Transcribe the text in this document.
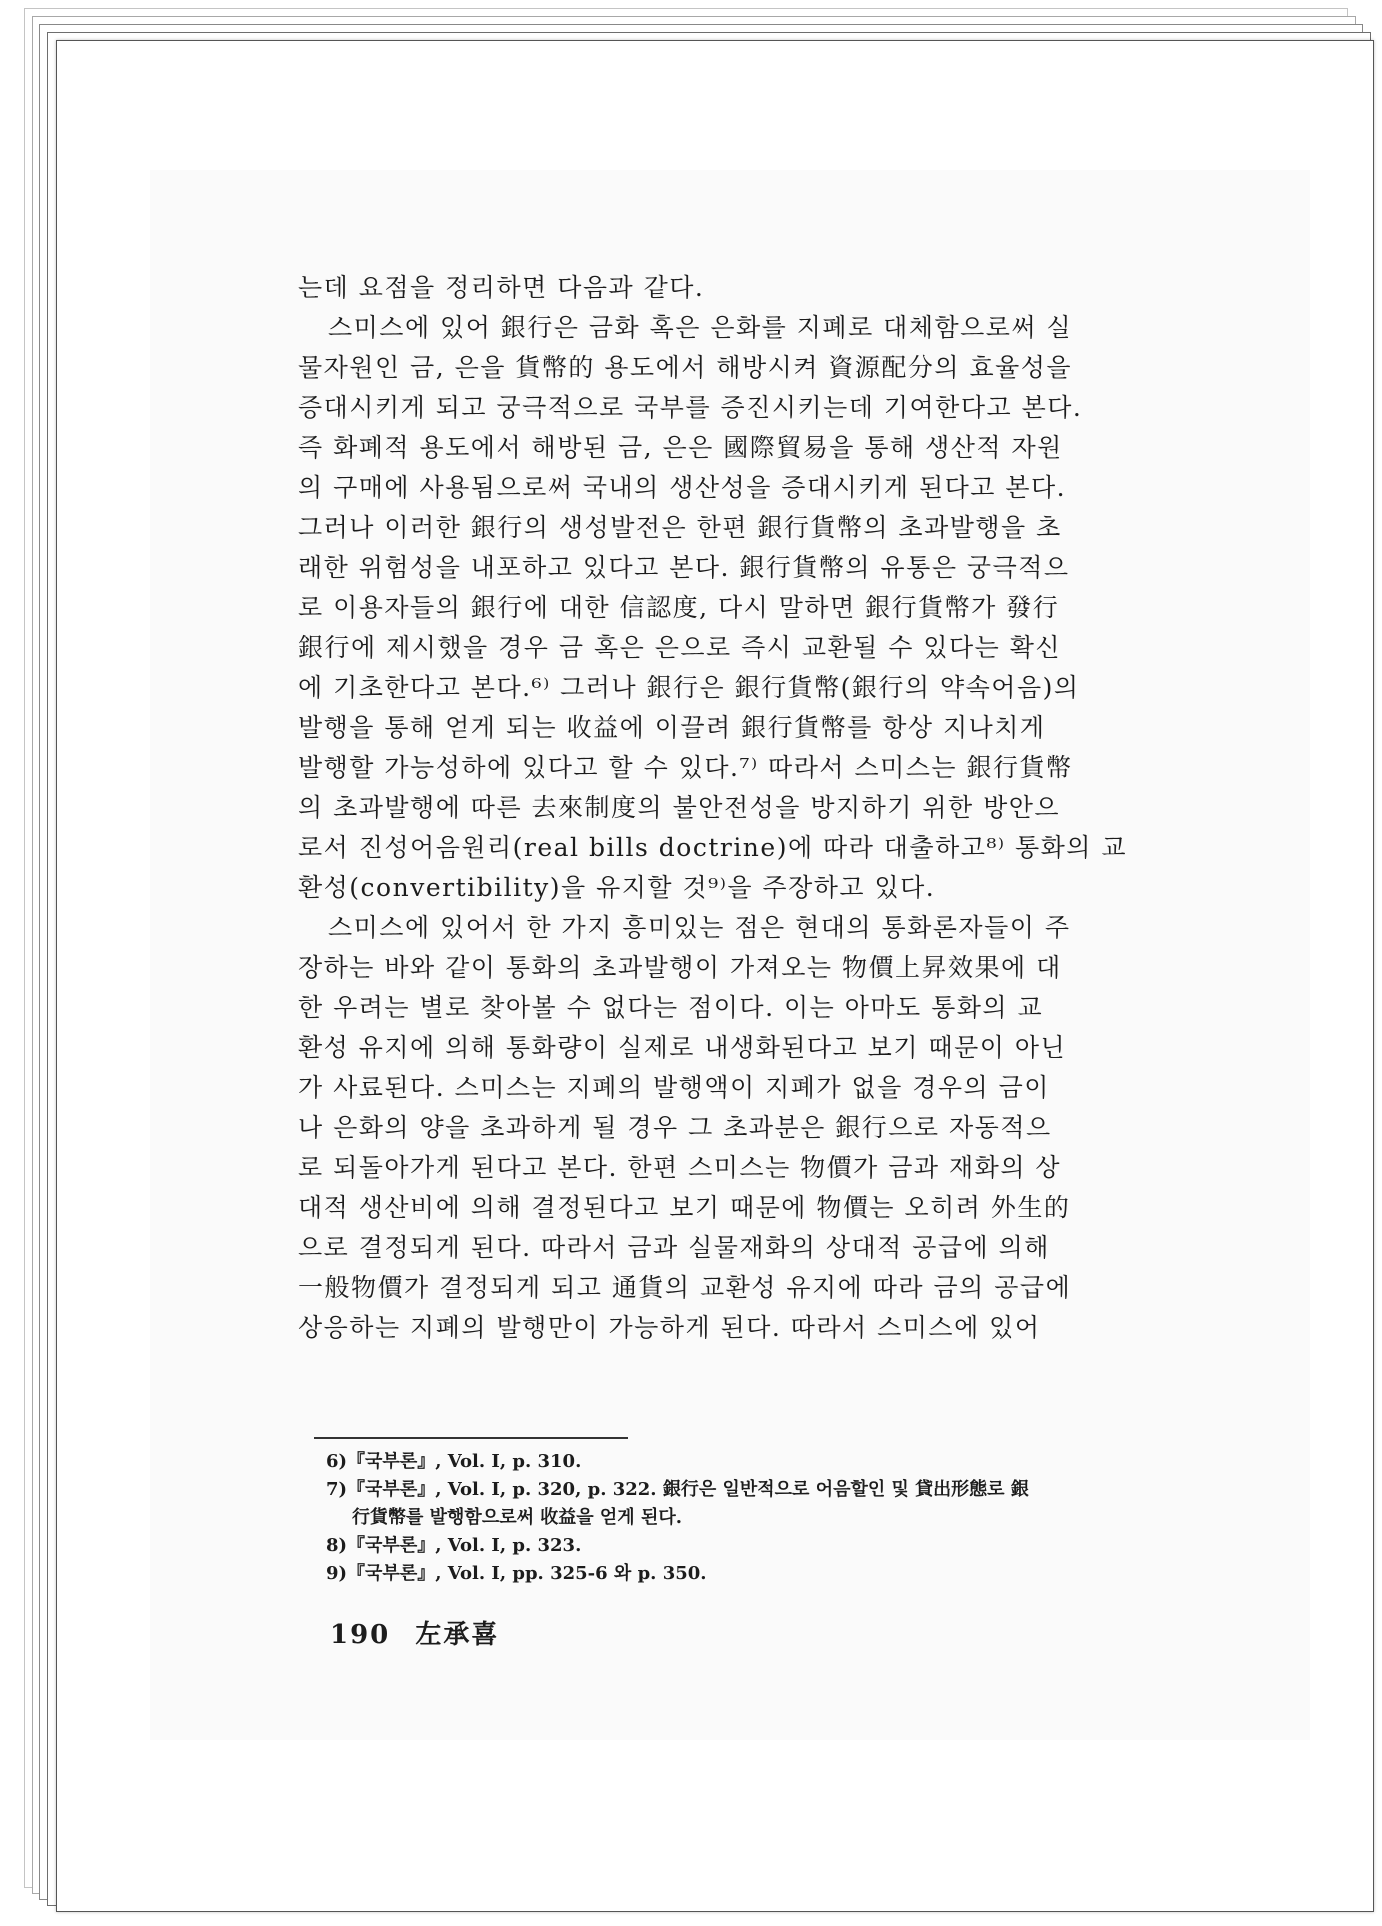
는데 요점을 정리하면 다음과 같다.
스미스에 있어 銀行은 금화 혹은 은화를 지폐로 대체함으로써 실
물자원인 금, 은을 貨幣的 용도에서 해방시켜 資源配分의 효율성을
증대시키게 되고 궁극적으로 국부를 증진시키는데 기여한다고 본다.
즉 화폐적 용도에서 해방된 금, 은은 國際貿易을 통해 생산적 자원
의 구매에 사용됨으로써 국내의 생산성을 증대시키게 된다고 본다.
그러나 이러한 銀行의 생성발전은 한편 銀行貨幣의 초과발행을 초
래한 위험성을 내포하고 있다고 본다. 銀行貨幣의 유통은 궁극적으
로 이용자들의 銀行에 대한 信認度, 다시 말하면 銀行貨幣가 發行
銀行에 제시했을 경우 금 혹은 은으로 즉시 교환될 수 있다는 확신
에 기초한다고 본다.⁶⁾ 그러나 銀行은 銀行貨幣(銀行의 약속어음)의
발행을 통해 얻게 되는 收益에 이끌려 銀行貨幣를 항상 지나치게
발행할 가능성하에 있다고 할 수 있다.⁷⁾ 따라서 스미스는 銀行貨幣
의 초과발행에 따른 去來制度의 불안전성을 방지하기 위한 방안으
로서 진성어음원리(real bills doctrine)에 따라 대출하고⁸⁾ 통화의 교
환성(convertibility)을 유지할 것⁹⁾을 주장하고 있다.
스미스에 있어서 한 가지 흥미있는 점은 현대의 통화론자들이 주
장하는 바와 같이 통화의 초과발행이 가져오는 物價上昇效果에 대
한 우려는 별로 찾아볼 수 없다는 점이다. 이는 아마도 통화의 교
환성 유지에 의해 통화량이 실제로 내생화된다고 보기 때문이 아닌
가 사료된다. 스미스는 지폐의 발행액이 지폐가 없을 경우의 금이
나 은화의 양을 초과하게 될 경우 그 초과분은 銀行으로 자동적으
로 되돌아가게 된다고 본다. 한편 스미스는 物價가 금과 재화의 상
대적 생산비에 의해 결정된다고 보기 때문에 物價는 오히려 外生的
으로 결정되게 된다. 따라서 금과 실물재화의 상대적 공급에 의해
一般物價가 결정되게 되고 通貨의 교환성 유지에 따라 금의 공급에
상응하는 지폐의 발행만이 가능하게 된다. 따라서 스미스에 있어
6)『국부론』, Vol. I, p. 310.
7)『국부론』, Vol. I, p. 320, p. 322. 銀行은 일반적으로 어음할인 및 貸出形態로 銀
行貨幣를 발행함으로써 收益을 얻게 된다.
8)『국부론』, Vol. I, p. 323.
9)『국부론』, Vol. I, pp. 325-6 와 p. 350.
190 左承喜
